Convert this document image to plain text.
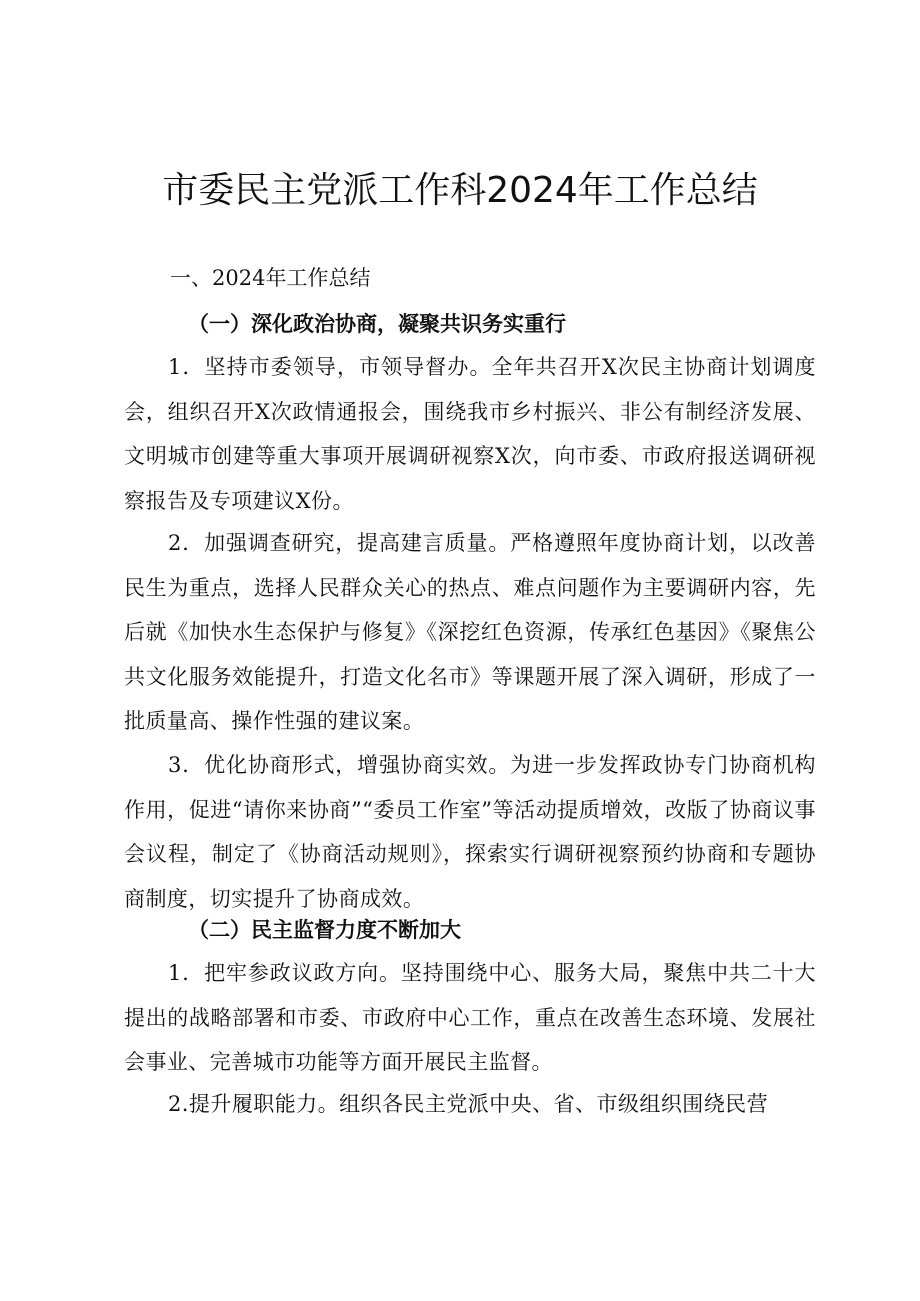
市委民主党派工作科2024年工作总结
一、2024年工作总结
（一）深化政治协商，凝聚共识务实重行
1．坚持市委领导，市领导督办。全年共召开X次民主协商计划调度会，组织召开X次政情通报会，围绕我市乡村振兴、非公有制经济发展、文明城市创建等重大事项开展调研视察X次，向市委、市政府报送调研视察报告及专项建议X份。
2．加强调查研究，提高建言质量。严格遵照年度协商计划，以改善民生为重点，选择人民群众关心的热点、难点问题作为主要调研内容，先后就《加快水生态保护与修复》《深挖红色资源，传承红色基因》《聚焦公共文化服务效能提升，打造文化名市》等课题开展了深入调研，形成了一批质量高、操作性强的建议案。
3．优化协商形式，增强协商实效。为进一步发挥政协专门协商机构作用，促进“请你来协商”“委员工作室”等活动提质增效，改版了协商议事会议程，制定了《协商活动规则》，探索实行调研视察预约协商和专题协商制度，切实提升了协商成效。
（二）民主监督力度不断加大
1．把牢参政议政方向。坚持围绕中心、服务大局，聚焦中共二十大提出的战略部署和市委、市政府中心工作，重点在改善生态环境、发展社会事业、完善城市功能等方面开展民主监督。
2.提升履职能力。组织各民主党派中央、省、市级组织围绕民营
